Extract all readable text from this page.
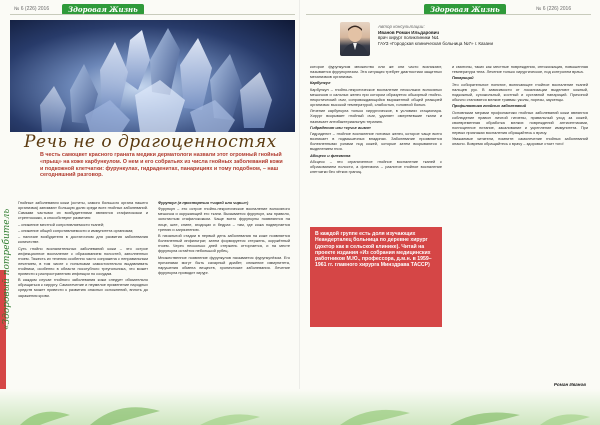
№ 6 (226) 2016	Здоровая Жизнь
Речь не о драгоценностях
«Здоровый потребитель
В честь самоцвет красного граната медики дерматологи назвали этот огромный гнойный «прыщ» на коже карбункулом. О нем и его собратьях из числа гнойных заболеваний кожи и подкожной клетчатки: фурункулах, гидраденитах, панарициях и тому подобном, – наш сегодняшний разговор.

Гнойные заболевания кожи (оститы, самого большого органа нашего организма) занимают большую долю среди всех гнойных заболеваний. Самыми частыми их возбудителями являются стафилококки и стрептококки, а способствуют развитию:

– снижение местной сопротивляемости тканей;

– снижение общей сопротивляемости и иммунитета организма;

– наличие возбудителя в достаточном для развития заболевания количестве.

Суть гнойно воспалительных заболеваний кожи – это острое инфекционное воспаление с образованием полостей, заполненных гноем. Тяжесть их течения особенно часто сопряжена с неправильным лечением, в том числе с попытками самостоятельно выдавливать гнойники, особенно в области носогубного треугольника, что может привести к распространению инфекции по сосудам.

В каждом случае гнойного заболевания кожи следует обязательно обращаться к хирургу. Самолечение и неумелое применение народных средств может привести к развитию опасных осложнений, вплоть до заражения крови.

Фурункул (в просторечии «чирей или чирьи»)

Фурункул – это острое гнойно-некротическое воспаление волосяного мешочка и окружающей его ткани. Вызывается фурункул, как правило, золотистым стафилококком. Чаще всего фурункулы появляются на лице, шее, спине, ягодицах и бедрах – там, где кожа подвергается трению и загрязнению.

В начальной стадии в первый день заболевания на коже появляется болезненный инфильтрат, затем формируется стержень, окружённый гноем. Через несколько дней стержень отторгается, и на месте фурункула остаётся небольшой рубец.

Множественное появление фурункулов называется фурункулёзом. Его причинами могут быть сахарный диабет, снижение иммунитета, нарушения обмена веществ, хронические заболевания. Лечение фурункула проводит хирург.

Здоровая Жизнь	№ 6 (226) 2016
Автор консультации:
Иванов Роман Ильдарович
врач хирург поликлиники №1
ГАУЗ «Городская клиническая больница №7» г. Казани

которое фурункулом множество или же они часто возникают, называется фурункулезом. Эта ситуация требует диагностики защитных механизмов организма.

Карбункул

Карбункул – гнойно-некротическое воспаление нескольких волосяных мешочков и сальных желез при котором образуется обширный гнойно-некротический очаг, сопровождающийся выраженной общей реакцией организма: высокой температурой, слабостью, головной болью.

Лечение карбункула только хирургическое, в условиях стационара. Хирург вскрывает гнойный очаг, удаляет омертвевшие ткани и назначает антибактериальную терапию.

Гидраденит или «сучье вымя»

Гидраденит – гнойное воспаление потовых желез, которое чаще всего возникает в подмышечных впадинах. Заболевание проявляется болезненными узлами под кожей, которые затем вскрываются с выделением гноя.

Абсцесс и флегмона

Абсцесс – это ограниченное гнойное воспаление тканей с образованием полости, а флегмона – разлитое гнойное воспаление клетчатки без чётких границ.

и смятины, таких как местные повреждения, интоксикация, повышенная температура тела. Лечение только хирургическое, под контролем врача.

Панариций

Это собирательное понятие, включающее гнойное воспаление тканей пальцев рук. В зависимости от локализации выделяют кожный, подкожный, сухожильный, костный и суставной панариций. Причиной обычно становятся мелкие травмы: уколы, порезы, заусенцы.

Профилактика гнойных заболеваний

Основными мерами профилактики гнойных заболеваний кожи являются соблюдение правил личной гигиены, правильный уход за кожей, своевременная обработка мелких повреждений антисептиками, полноценное питание, закаливание и укрепление иммунитета. При первых признаках воспаления обращайтесь к врачу.

Уважаемые читатели, помните: самолечение гнойных заболеваний опасно. Вовремя обращайтесь к врачу – здоровье стоит того!

В каждой группе есть доля изучающих Неандерталец больница по деревне хирург (доктор как в сельской клинике). Читай на проекте издания «Из собрания медицинских работников М.Ю., профессора, д.м.н. в 1959–1961 гг. главного хирурга Минздрава ТАССР)
Роман Иванов
